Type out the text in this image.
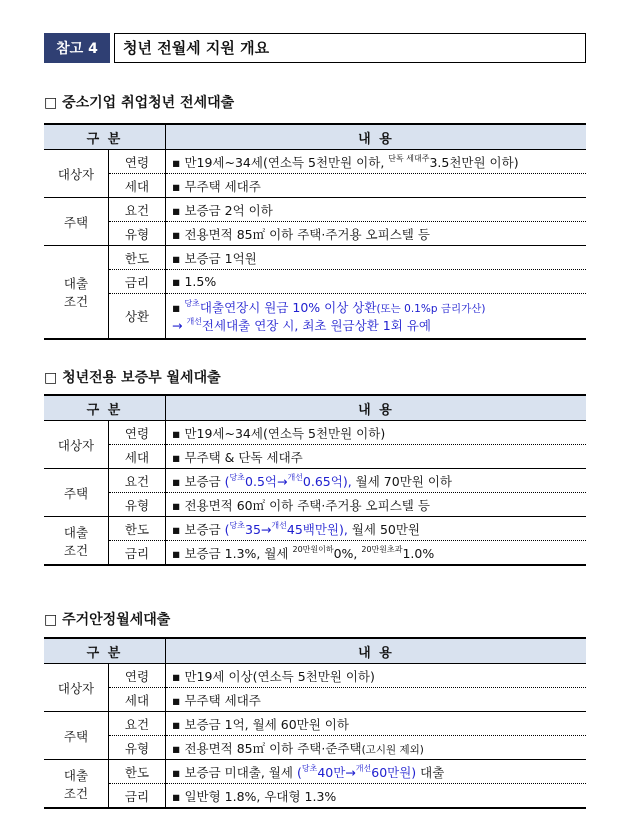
참고 4	청년 전월세 지원 개요
□ 중소기업 취업청년 전세대출
구 분		내 용
대상자	연령	▪ 만19세~34세(연소득 5천만원 이하, $^{단독 세대주}$3.5천만원 이하)
	세대	▪ 무주택 세대주
주택	요건	▪ 보증금 2억 이하
	유형	▪ 전용면적 85㎡ 이하 주택·주거용 오피스텔 등
대출
조건	한도	▪ 보증금 1억원
	금리	▪ 1.5%
	상환	▪ $^{당초}$대출연장시 원금 10% 이상 상환(또는 0.1%p 금리가산)
→ $^{개선}$전세대출 연장 시, 최초 원금상환 1회 유예
□ 청년전용 보증부 월세대출
구 분		내 용
대상자	연령	▪ 만19세~34세(연소득 5천만원 이하)
	세대	▪ 무주택 & 단독 세대주
주택	요건	▪ 보증금 ($^{당초}$0.5억→$^{개선}$0.65억), 월세 70만원 이하
	유형	▪ 전용면적 60㎡ 이하 주택·주거용 오피스텔 등
대출
조건	한도	▪ 보증금 ($^{당초}$35→$^{개선}$45백만원), 월세 50만원
	금리	▪ 보증금 1.3%, 월세 $^{20만원이하}$0%, $^{20만원초과}$1.0%
□ 주거안정월세대출
구 분		내 용
대상자	연령	▪ 만19세 이상(연소득 5천만원 이하)
	세대	▪ 무주택 세대주
주택	요건	▪ 보증금 1억, 월세 60만원 이하
	유형	▪ 전용면적 85㎡ 이하 주택·준주택(고시원 제외)
대출
조건	한도	▪ 보증금 미대출, 월세 ($^{당초}$40만→$^{개선}$60만원) 대출
	금리	▪ 일반형 1.8%, 우대형 1.3%
